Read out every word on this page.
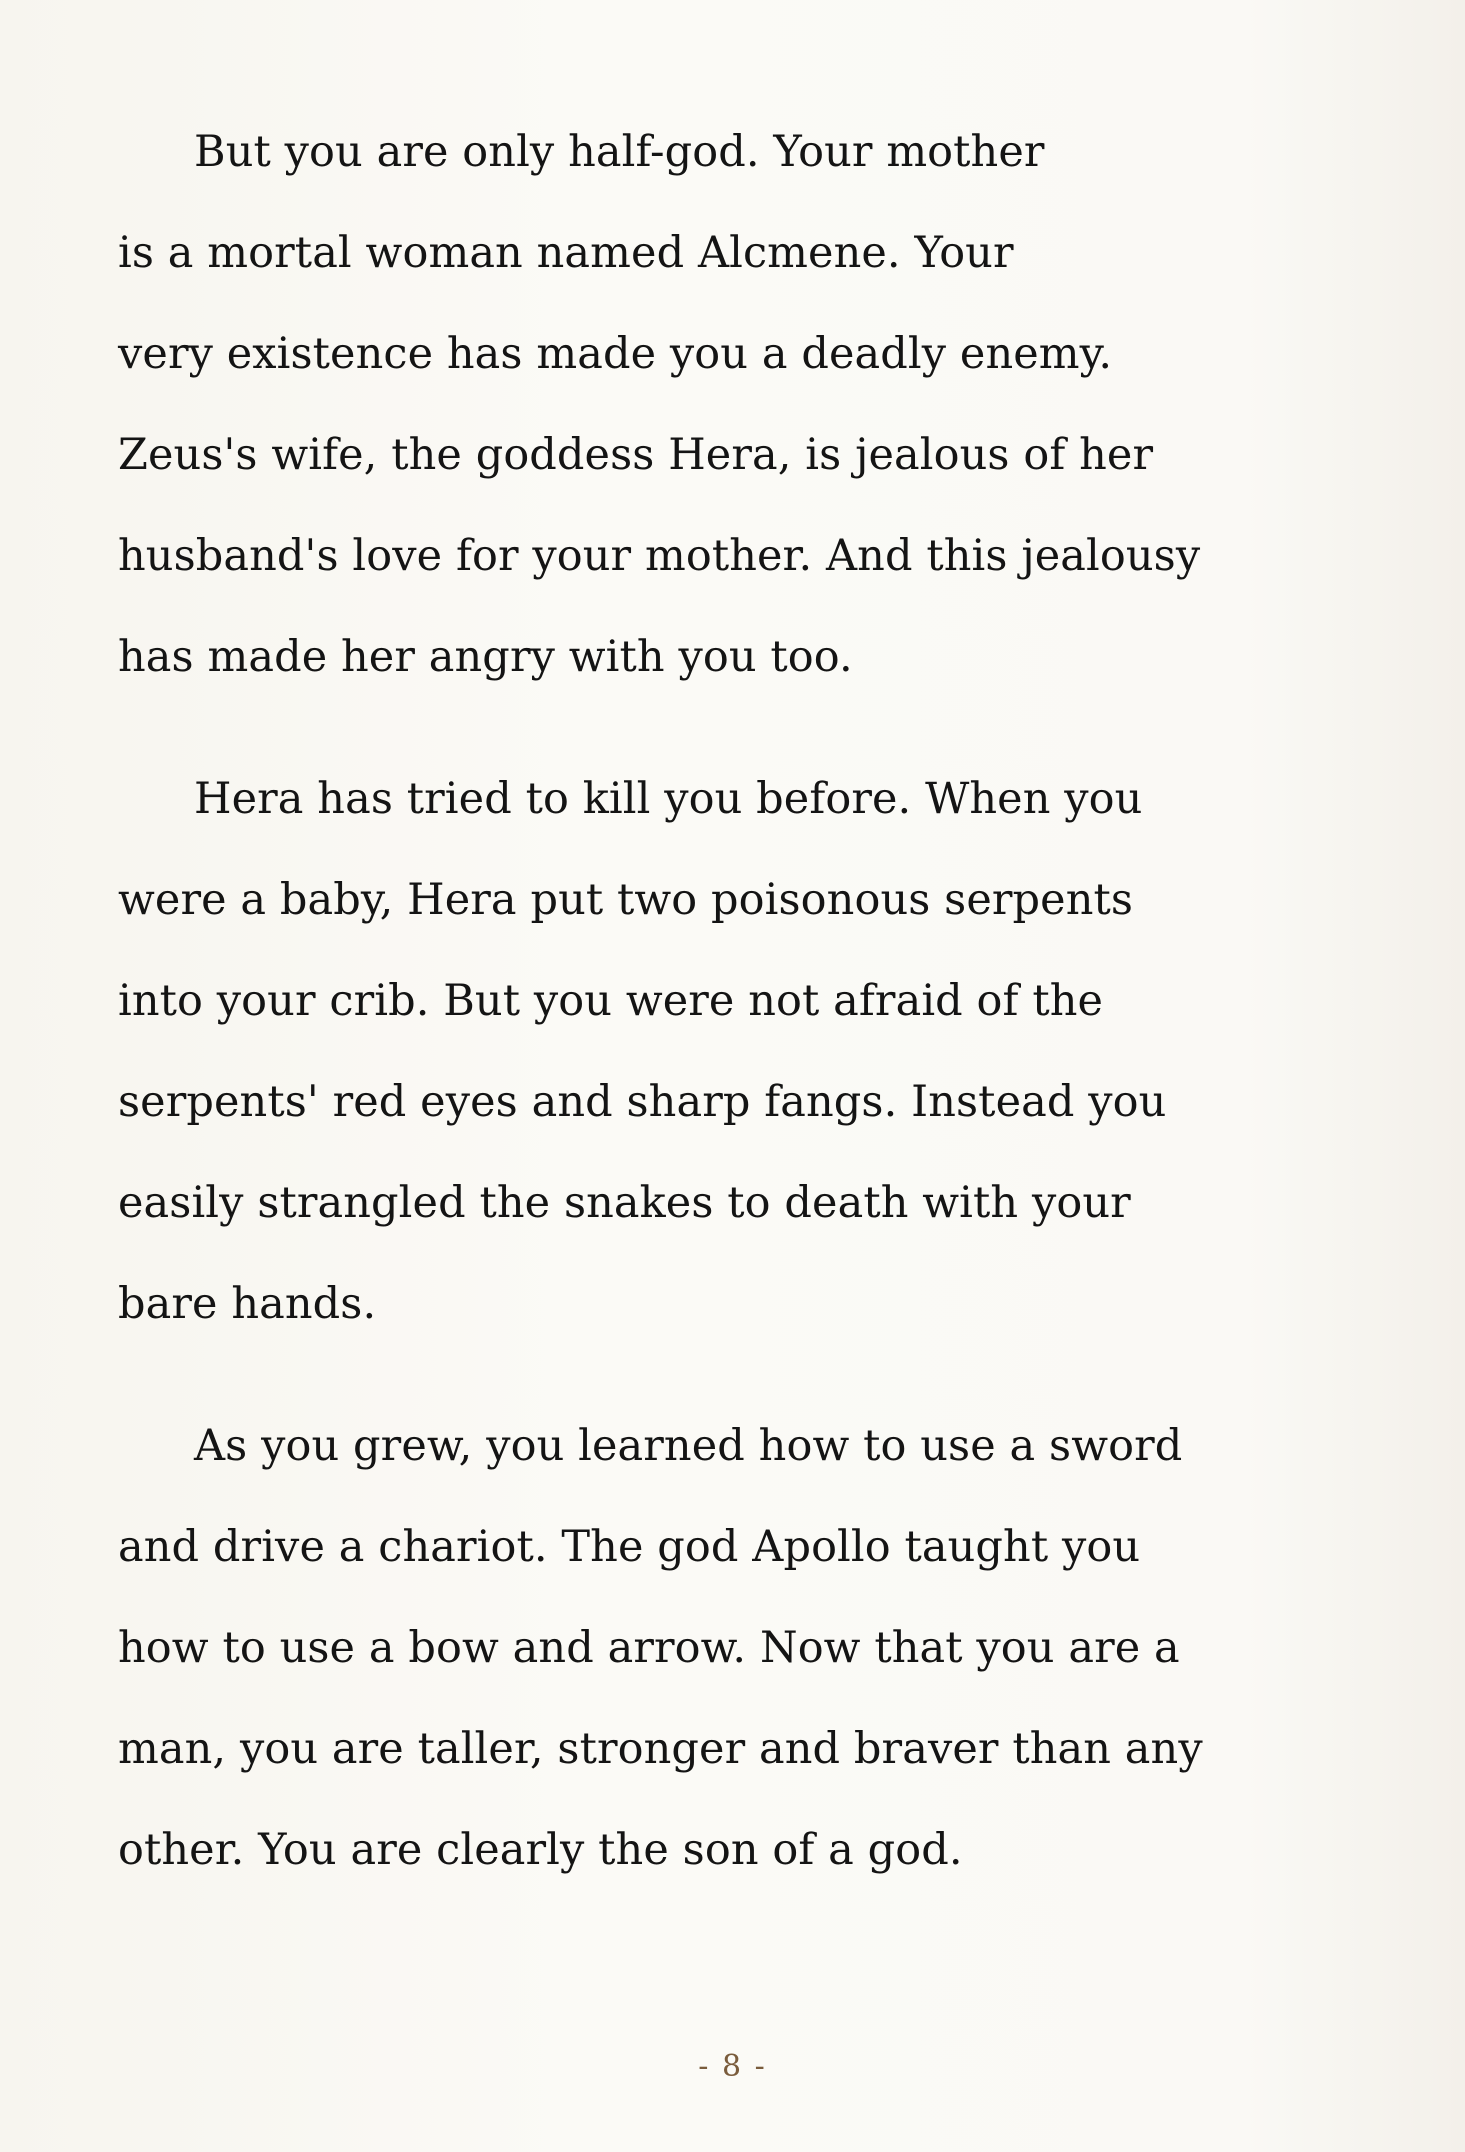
But you are only half-god. Your mother
is a mortal woman named Alcmene. Your
very existence has made you a deadly enemy.
Zeus's wife, the goddess Hera, is jealous of her
husband's love for your mother. And this jealousy
has made her angry with you too.

Hera has tried to kill you before. When you
were a baby, Hera put two poisonous serpents
into your crib. But you were not afraid of the
serpents' red eyes and sharp fangs. Instead you
easily strangled the snakes to death with your
bare hands.

As you grew, you learned how to use a sword
and drive a chariot. The god Apollo taught you
how to use a bow and arrow. Now that you are a
man, you are taller, stronger and braver than any
other. You are clearly the son of a god.

- 8 -
